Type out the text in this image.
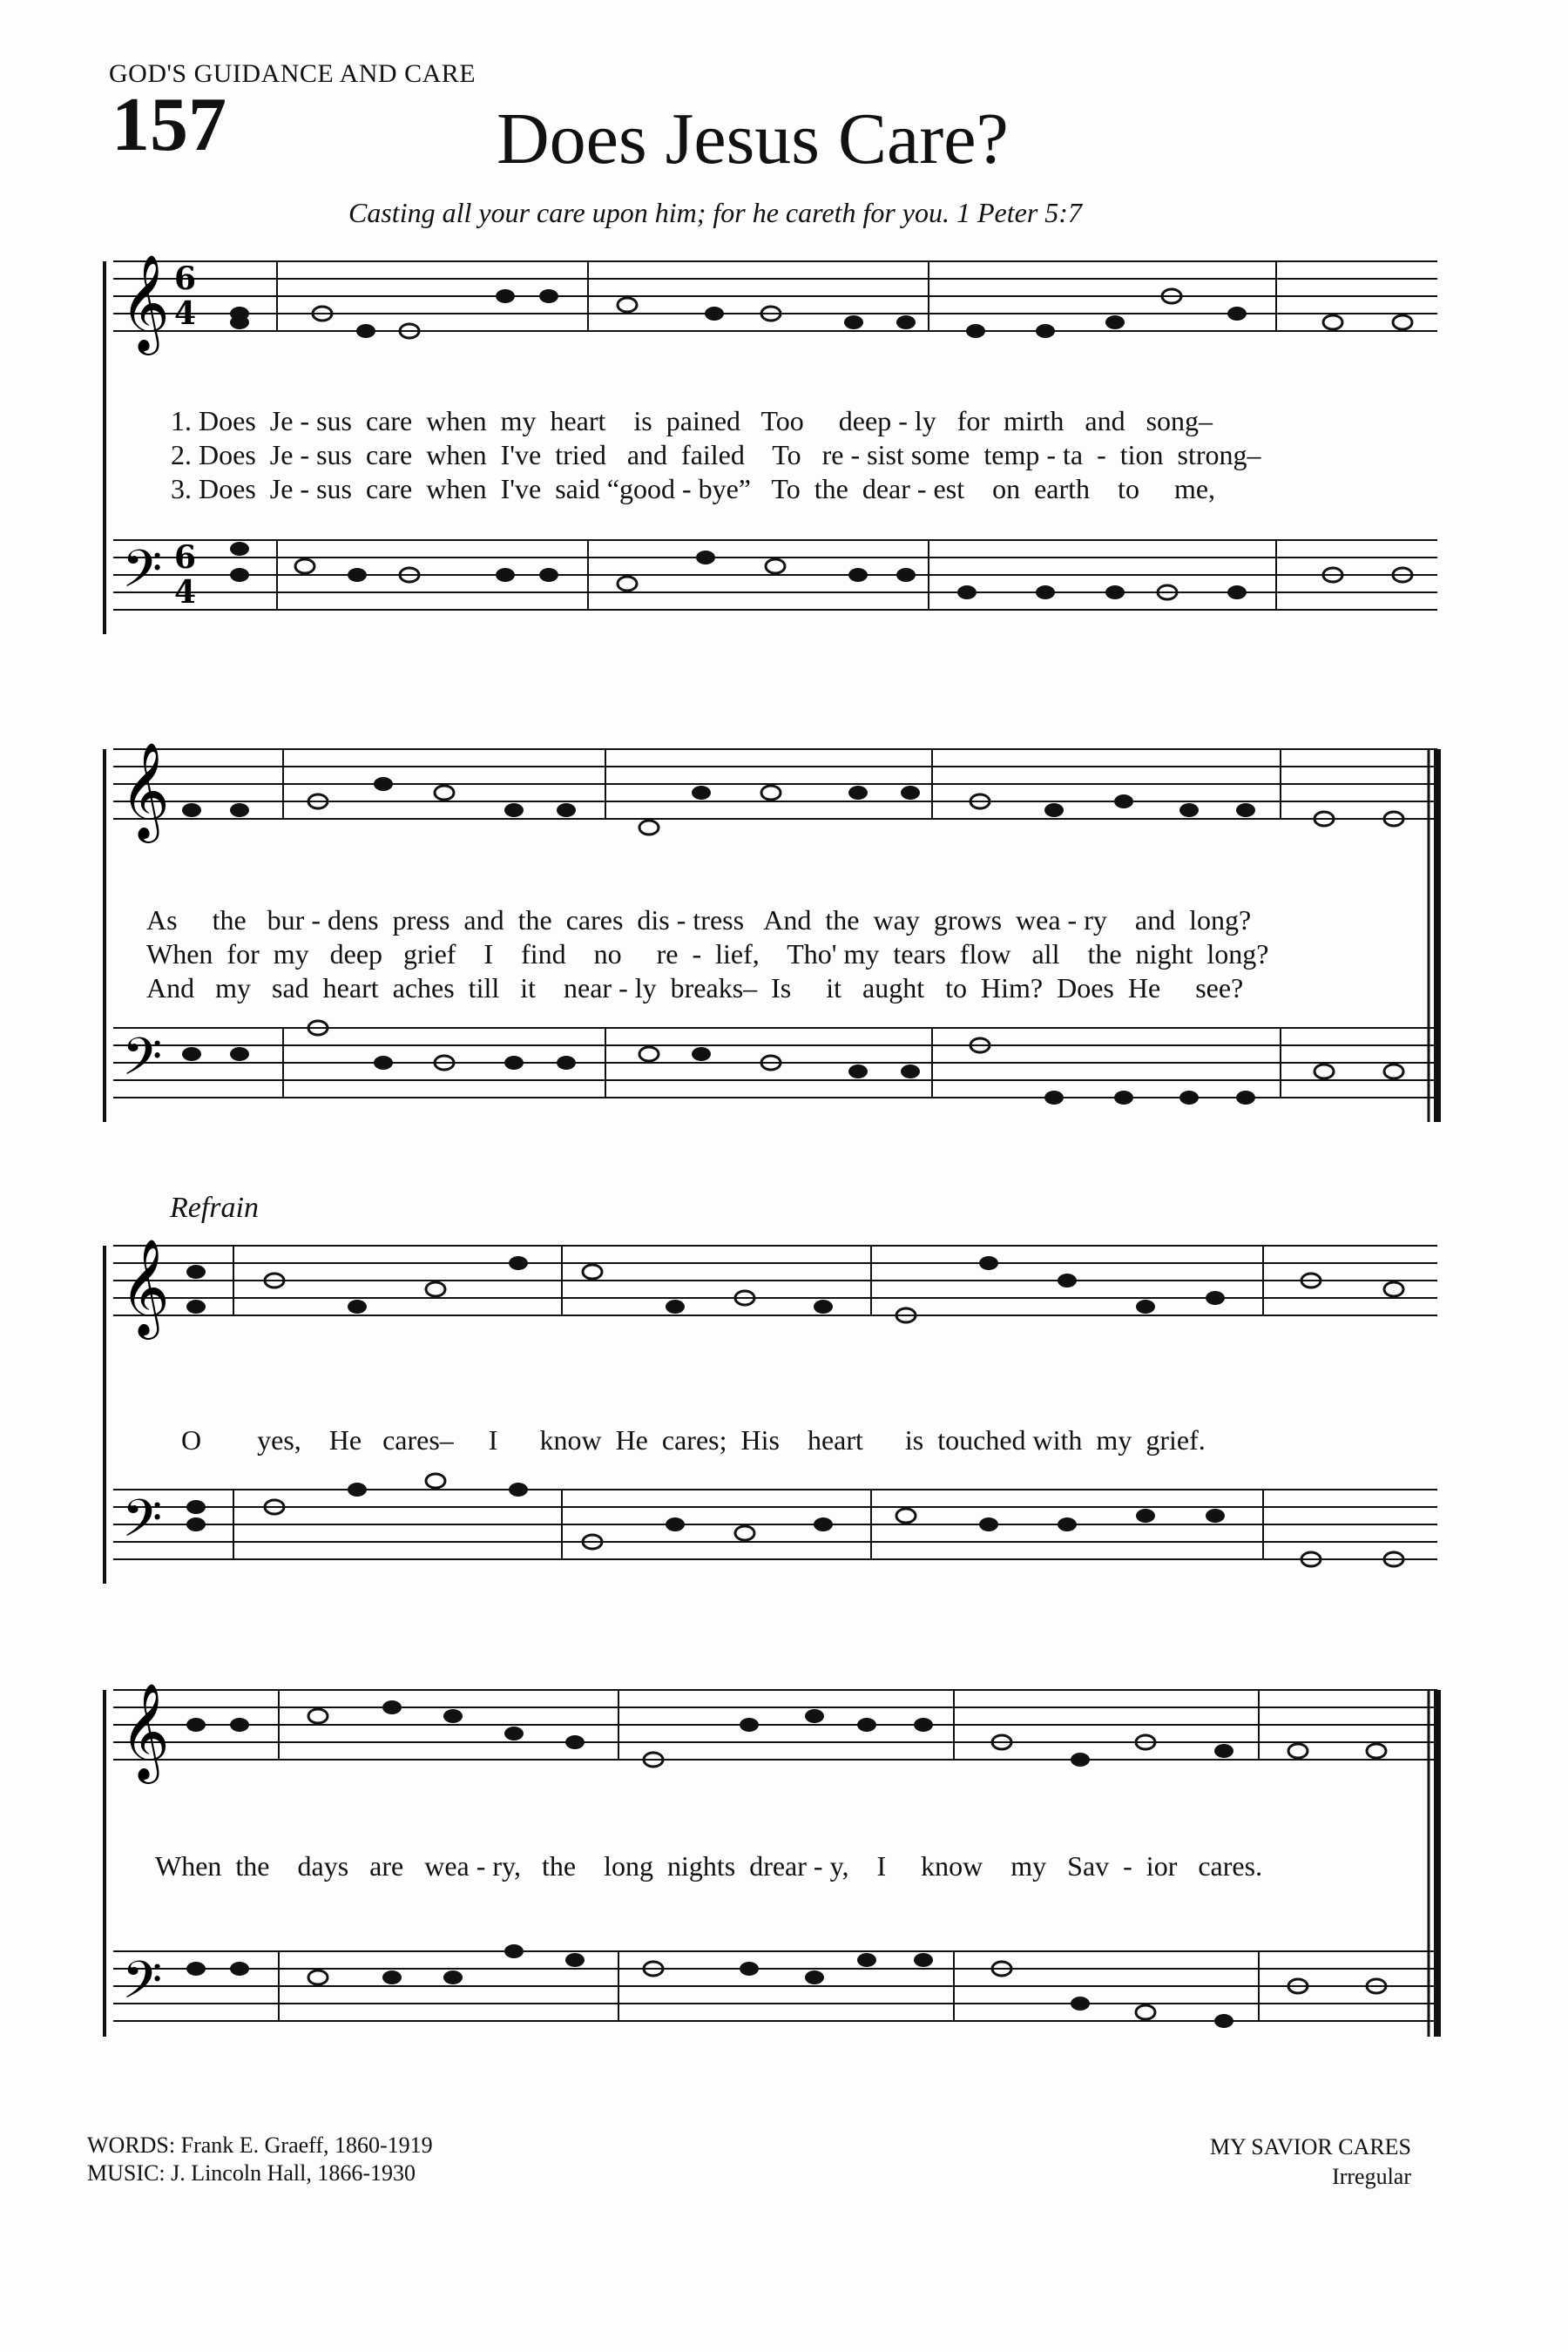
GOD'S GUIDANCE AND CARE
157	Does Jesus Care?
Casting all your care upon him; for he careth for you. 1 Peter 5:7
𝄞
𝄢
6
4
6
4
1. Does  Je - sus  care  when  my  heart    is  pained   Too     deep - ly   for  mirth   and   song–
2. Does  Je - sus  care  when  I've  tried   and  failed    To   re - sist some  temp - ta  -  tion  strong–
3. Does  Je - sus  care  when  I've  said “good - bye”   To  the  dear - est    on  earth    to     me,
𝄞
𝄢
As     the   bur - dens  press  and  the  cares  dis - tress   And  the  way  grows  wea - ry    and  long?
When  for  my   deep   grief    I    find    no     re  -  lief,    Tho' my  tears  flow   all    the  night  long?
And   my   sad  heart  aches  till   it    near - ly  breaks–  Is     it   aught   to  Him?  Does  He     see?
Refrain
𝄞
𝄢
O        yes,    He   cares–     I      know  He  cares;  His    heart      is  touched with  my  grief.
𝄞
𝄢
When  the    days   are   wea - ry,   the    long  nights  drear - y,    I     know    my   Sav  -  ior   cares.
WORDS: Frank E. Graeff, 1860-1919
MUSIC: J. Lincoln Hall, 1866-1930
MY SAVIOR CARES
Irregular
